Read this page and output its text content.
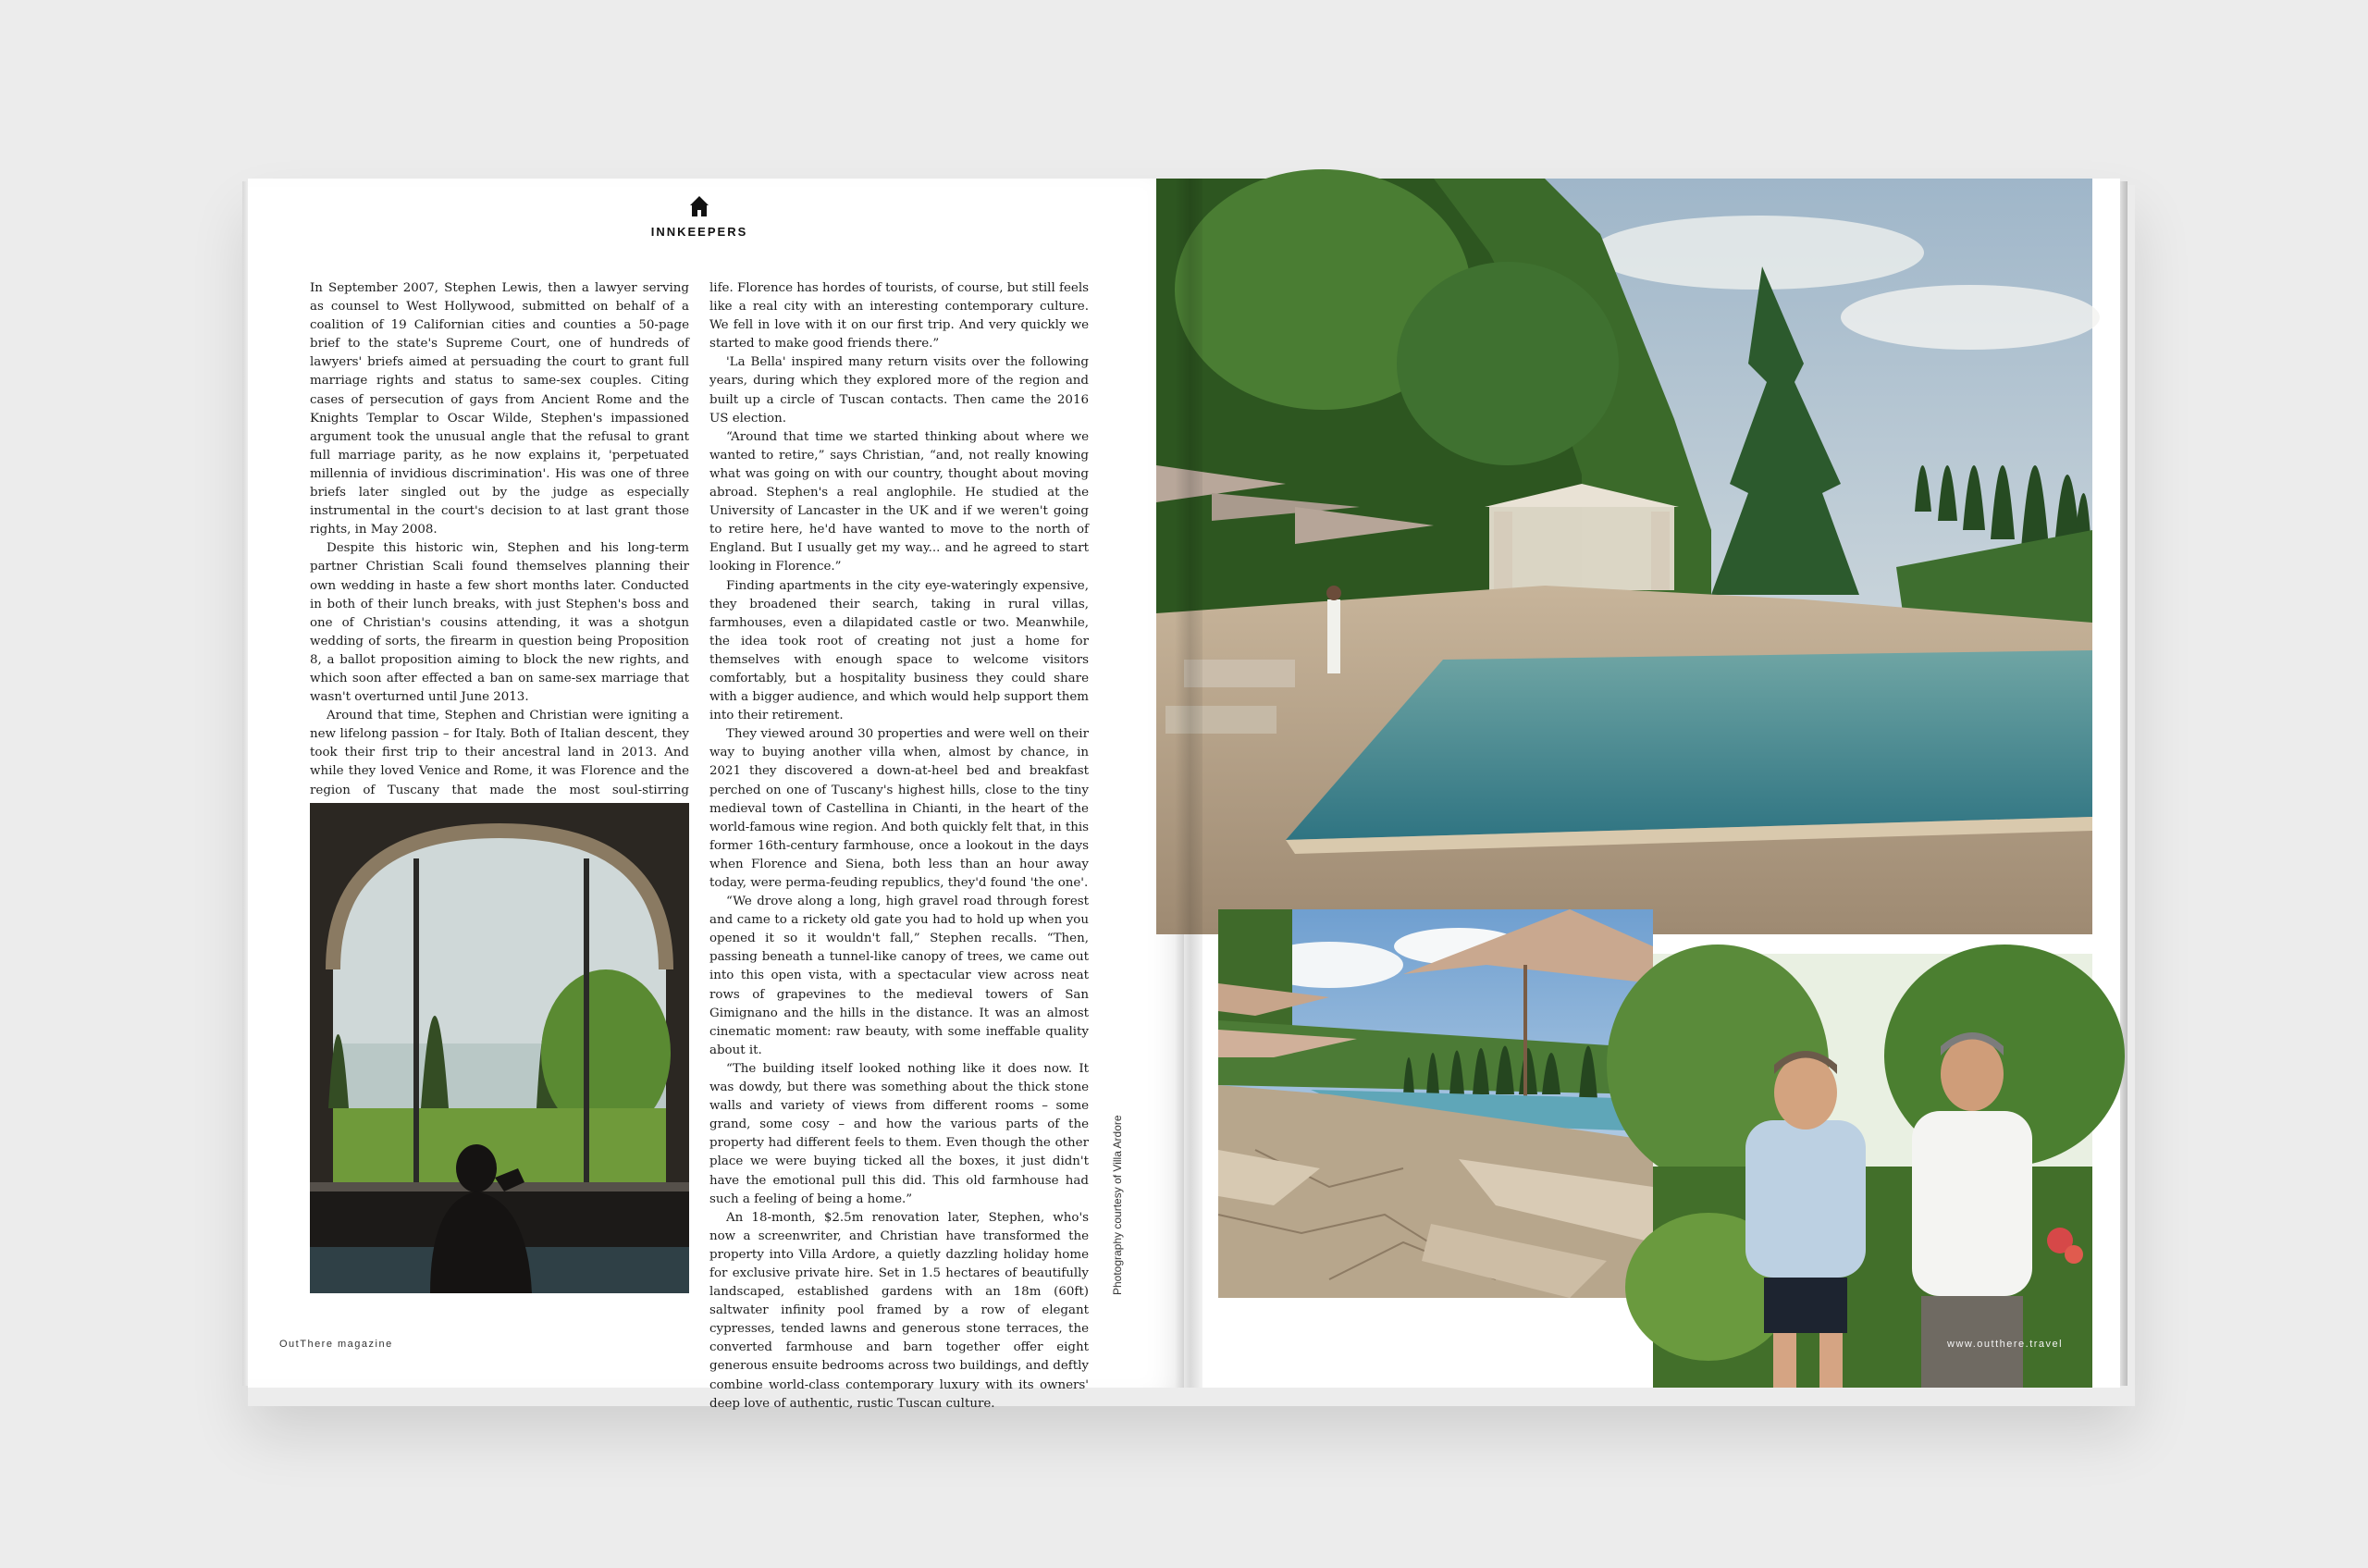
INNKEEPERS

In September 2007, Stephen Lewis, then a lawyer serving as counsel to West Hollywood, submitted on behalf of a coalition of 19 Californian cities and counties a 50-page brief to the state's Supreme Court, one of hundreds of lawyers' briefs aimed at persuading the court to grant full marriage rights and status to same-sex couples. Citing cases of persecution of gays from Ancient Rome and the Knights Templar to Oscar Wilde, Stephen's impassioned argument took the unusual angle that the refusal to grant full marriage parity, as he now explains it, 'perpetuated millennia of invidious discrimination'. His was one of three briefs later singled out by the judge as especially instrumental in the court's decision to at last grant those rights, in May 2008.

Despite this historic win, Stephen and his long-term partner Christian Scali found themselves planning their own wedding in haste a few short months later. Conducted in both of their lunch breaks, with just Stephen's boss and one of Christian's cousins attending, it was a shotgun wedding of sorts, the firearm in question being Proposition 8, a ballot proposition aiming to block the new rights, and which soon after effected a ban on same-sex marriage that wasn't overturned until June 2013.

Around that time, Stephen and Christian were igniting a new lifelong passion – for Italy. Both of Italian descent, they took their first trip to their ancestral land in 2013. And while they loved Venice and Rome, it was Florence and the region of Tuscany that made the most soul-stirring

life. Florence has hordes of tourists, of course, but still feels like a real city with an interesting contemporary culture. We fell in love with it on our first trip. And very quickly we started to make good friends there.”

'La Bella' inspired many return visits over the following years, during which they explored more of the region and built up a circle of Tuscan contacts. Then came the 2016 US election.

“Around that time we started thinking about where we wanted to retire,” says Christian, “and, not really knowing what was going on with our country, thought about moving abroad. Stephen's a real anglophile. He studied at the University of Lancaster in the UK and if we weren't going to retire here, he'd have wanted to move to the north of England. But I usually get my way... and he agreed to start looking in Florence.”

Finding apartments in the city eye-wateringly expensive, they broadened their search, taking in rural villas, farmhouses, even a dilapidated castle or two. Meanwhile, the idea took root of creating not just a home for themselves with enough space to welcome visitors comfortably, but a hospitality business they could share with a bigger audience, and which would help support them into their retirement.

They viewed around 30 properties and were well on their way to buying another villa when, almost by chance, in 2021 they discovered a down-at-heel bed and breakfast perched on one of Tuscany's highest hills, close to the tiny medieval town of Castellina in Chianti, in the heart of the world-famous wine region. And both quickly felt that, in this former 16th-century farmhouse, once a lookout in the days when Florence and Siena, both less than an hour away today, were perma-feuding republics, they'd found 'the one'.

“We drove along a long, high gravel road through forest and came to a rickety old gate you had to hold up when you opened it so it wouldn't fall,” Stephen recalls. “Then, passing beneath a tunnel-like canopy of trees, we came out into this open vista, with a spectacular view across neat rows of grapevines to the medieval towers of San Gimignano and the hills in the distance. It was an almost cinematic moment: raw beauty, with some ineffable quality about it.

“The building itself looked nothing like it does now. It was dowdy, but there was something about the thick stone walls and variety of views from different rooms – some grand, some cosy – and how the various parts of the property had different feels to them. Even though the other place we were buying ticked all the boxes, it just didn't have the emotional pull this did. This old farmhouse had such a feeling of being a home.”

An 18-month, $2.5m renovation later, Stephen, who's now a screenwriter, and Christian have transformed the property into Villa Ardore, a quietly dazzling holiday home for exclusive private hire. Set in 1.5 hectares of beautifully landscaped, established gardens with an 18m (60ft) saltwater infinity pool framed by a row of elegant cypresses, tended lawns and generous stone terraces, the converted farmhouse and barn together offer eight generous ensuite bedrooms across two buildings, and deftly combine world-class contemporary luxury with its owners' deep love of authentic, rustic Tuscan culture.

Photography courtesy of Villa Ardore
OutThere magazine	www.outthere.travel
